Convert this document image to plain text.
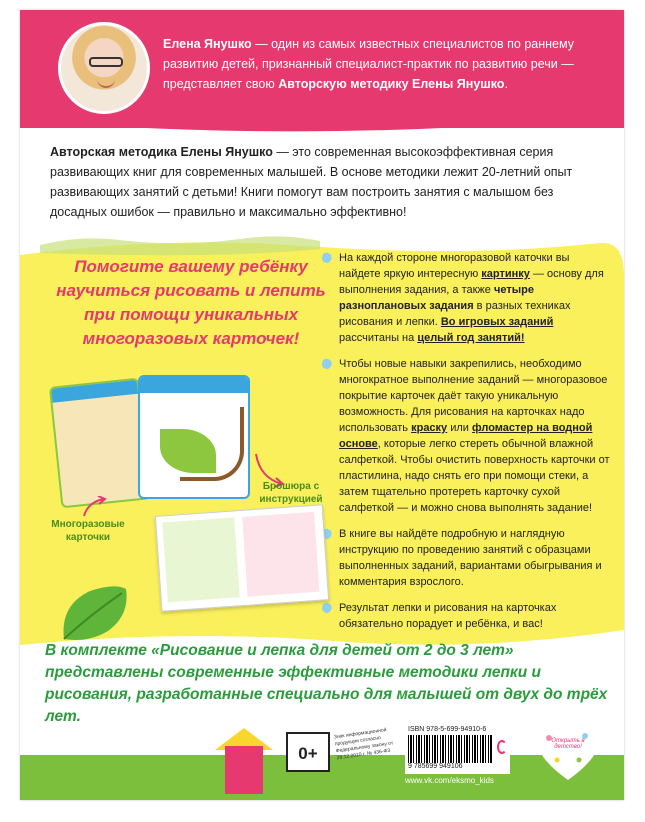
Елена Янушко — один из самых известных специалистов по раннему развитию детей, признанный специалист-практик по развитию речи — представляет свою Авторскую методику Елены Янушко.
Авторская методика Елены Янушко — это современная высокоэффективная серия развивающих книг для современных малышей. В основе методики лежит 20-летний опыт развивающих занятий с детьми! Книги помогут вам построить занятия с малышом без досадных ошибок — правильно и максимально эффективно!
Помогите вашему ребёнку научиться рисовать и лепить при помощи уникальных многоразовых карточек!
На каждой стороне многоразовой каточки вы найдете яркую интересную картинку — основу для выполнения задания, а также четыре разноплановых задания в разных техниках рисования и лепки. Во игровых заданий рассчитаны на целый год занятий!
Чтобы новые навыки закрепились, необходимо многократное выполнение заданий — многоразовое покрытие карточек даёт такую уникальную возможность. Для рисования на карточках надо использовать краску или фломастер на водной основе, которые легко стереть обычной влажной салфеткой. Чтобы очистить поверхность карточки от пластилина, надо снять его при помощи стеки, а затем тщательно протереть карточку сухой салфеткой — и можно снова выполнять задание!
В книге вы найдёте подробную и наглядную инструкцию по проведению занятий с образцами выполненных заданий, вариантами обыгрывания и комментария взрослого.
Результат лепки и рисования на карточках обязательно порадует и ребёнка, и вас!
Брошюра с инструкцией
Многоразовые карточки
В комплекте «Рисование и лепка для детей от 2 до 3 лет» представлены современные эффективные методики лепки и рисования, разработанные специально для малышей от двух до трёх лет.
0+
Знак информационной продукции согласно Федеральному закону от 29.12.2010 г. № 436-ФЗ
ISBN 978-5-699-94910-6
9 785699 949106
www.vk.com/eksmo_kids
Открыть в детство!
